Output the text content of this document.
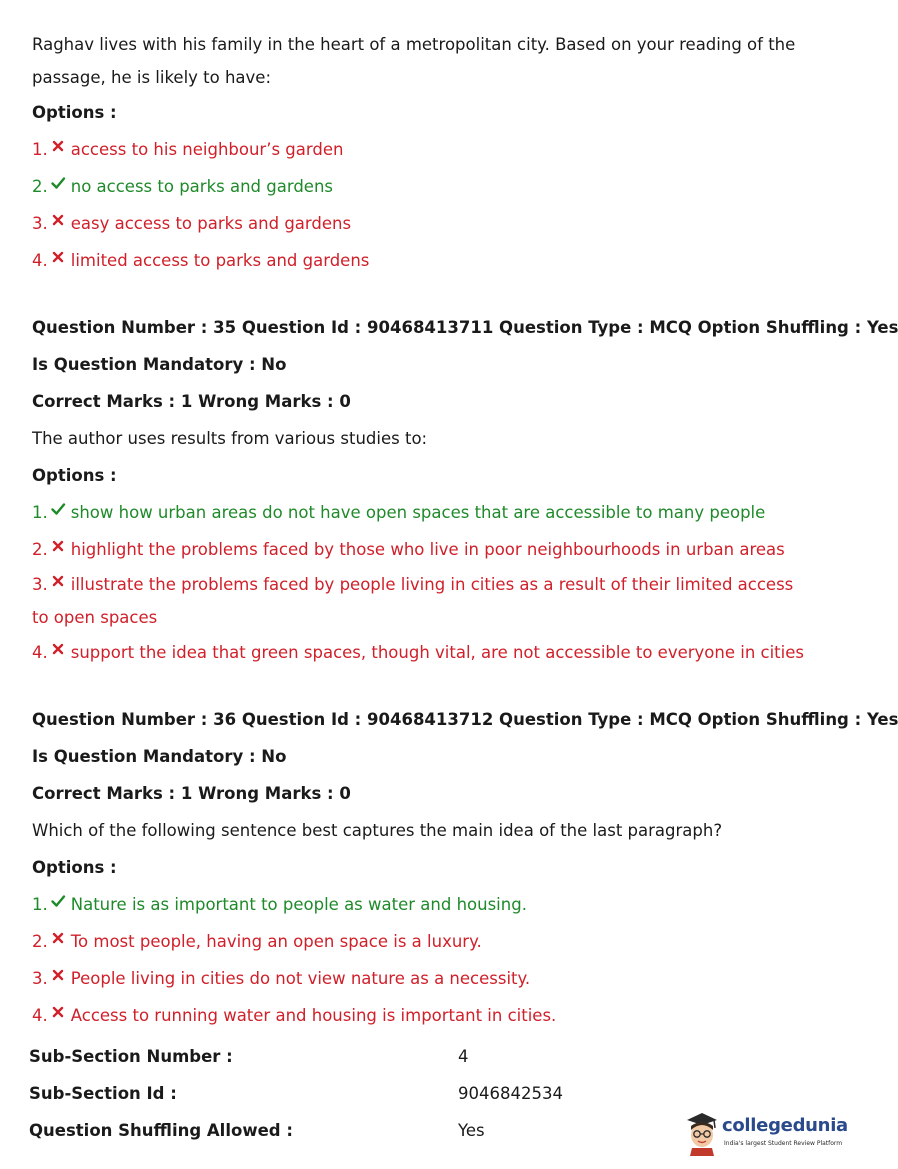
Raghav lives with his family in the heart of a metropolitan city. Based on your reading of the passage, he is likely to have:
Options :
1. access to his neighbour’s garden
2. no access to parks and gardens
3. easy access to parks and gardens
4. limited access to parks and gardens
Question Number : 35 Question Id : 90468413711 Question Type : MCQ Option Shuffling : Yes
Is Question Mandatory : No
Correct Marks : 1 Wrong Marks : 0
The author uses results from various studies to:
Options :
1. show how urban areas do not have open spaces that are accessible to many people
2. highlight the problems faced by those who live in poor neighbourhoods in urban areas
3. illustrate the problems faced by people living in cities as a result of their limited access to open spaces
4. support the idea that green spaces, though vital, are not accessible to everyone in cities
Question Number : 36 Question Id : 90468413712 Question Type : MCQ Option Shuffling : Yes
Is Question Mandatory : No
Correct Marks : 1 Wrong Marks : 0
Which of the following sentence best captures the main idea of the last paragraph?
Options :
1. Nature is as important to people as water and housing.
2. To most people, having an open space is a luxury.
3. People living in cities do not view nature as a necessity.
4. Access to running water and housing is important in cities.
Sub-Section Number :	4
Sub-Section Id :	9046842534
Question Shuffling Allowed :	Yes	collegedunia
India's largest Student Review Platform
